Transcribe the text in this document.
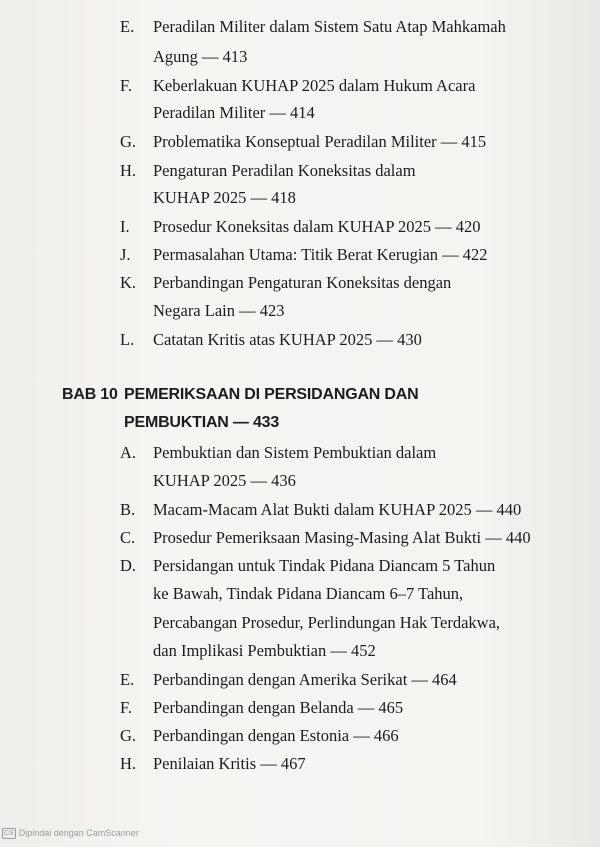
E.	Peradilan Militer dalam Sistem Satu Atap Mahkamah
Agung — 413
F.	Keberlakuan KUHAP 2025 dalam Hukum Acara
Peradilan Militer — 414
G.	Problematika Konseptual Peradilan Militer — 415
H.	Pengaturan Peradilan Koneksitas dalam
KUHAP 2025 — 418
I.	Prosedur Koneksitas dalam KUHAP 2025 — 420
J.	Permasalahan Utama: Titik Berat Kerugian — 422
K.	Perbandingan Pengaturan Koneksitas dengan
Negara Lain — 423
L.	Catatan Kritis atas KUHAP 2025 — 430
BAB 10 PEMERIKSAAN DI PERSIDANGAN DAN
PEMBUKTIAN — 433
A.	Pembuktian dan Sistem Pembuktian dalam
KUHAP 2025 — 436
B.	Macam-Macam Alat Bukti dalam KUHAP 2025 — 440
C.	Prosedur Pemeriksaan Masing-Masing Alat Bukti — 440
D.	Persidangan untuk Tindak Pidana Diancam 5 Tahun
ke Bawah, Tindak Pidana Diancam 6–7 Tahun,
Percabangan Prosedur, Perlindungan Hak Terdakwa,
dan Implikasi Pembuktian — 452
E.	Perbandingan dengan Amerika Serikat — 464
F.	Perbandingan dengan Belanda — 465
G.	Perbandingan dengan Estonia — 466
H.	Penilaian Kritis — 467
CS Dipindai dengan CamScanner
